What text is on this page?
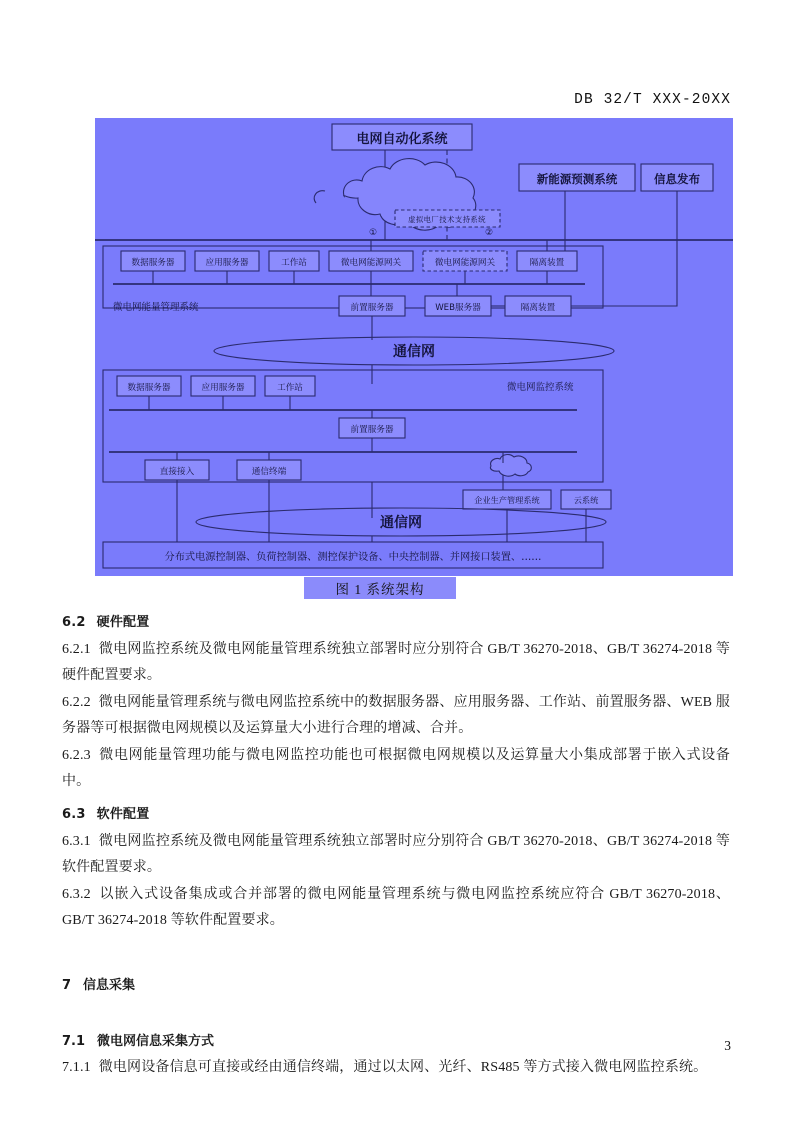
DB 32/T XXX-20XX
微电网能量管理系统
微电网监控系统
电网自动化系统
虚拟电厂技术支持系统
新能源预测系统	信息发布
①	②
数据服务器	应用服务器	工作站	微电网能源网关	微电网能源网关	隔离装置
前置服务器	WEB服务器	隔离装置
通信网
数据服务器	应用服务器	工作站
前置服务器
直接接入	通信终端
企业生产管理系统	云系统
通信网
分布式电源控制器、负荷控制器、测控保护设备、中央控制器、并网接口装置、……
图 1 系统架构
6.2 硬件配置

6.2.1 微电网监控系统及微电网能量管理系统独立部署时应分别符合 GB/T 36270-2018、GB/T 36274-2018 等硬件配置要求。

6.2.2 微电网能量管理系统与微电网监控系统中的数据服务器、应用服务器、工作站、前置服务器、WEB 服务器等可根据微电网规模以及运算量大小进行合理的增减、合并。

6.2.3 微电网能量管理功能与微电网监控功能也可根据微电网规模以及运算量大小集成部署于嵌入式设备中。

6.3 软件配置

6.3.1 微电网监控系统及微电网能量管理系统独立部署时应分别符合 GB/T 36270-2018、GB/T 36274-2018 等软件配置要求。

6.3.2 以嵌入式设备集成或合并部署的微电网能量管理系统与微电网监控系统应符合 GB/T 36270-2018、GB/T 36274-2018 等软件配置要求。

7 信息采集
7.1 微电网信息采集方式

7.1.1 微电网设备信息可直接或经由通信终端，通过以太网、光纤、RS485 等方式接入微电网监控系统。

3
